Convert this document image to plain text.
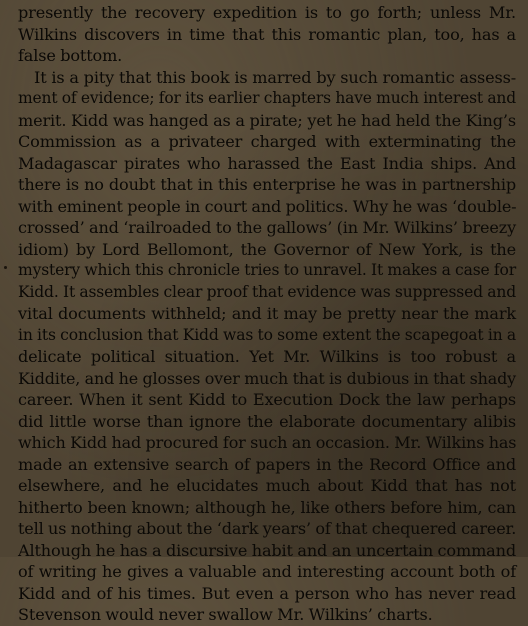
presently the recovery expedition is to go forth; unless Mr.
Wilkins discovers in time that this romantic plan, too, has a
false bottom.
It is a pity that this book is marred by such romantic assess-
ment of evidence; for its earlier chapters have much interest and
merit. Kidd was hanged as a pirate; yet he had held the King’s
Commission as a privateer charged with exterminating the
Madagascar pirates who harassed the East India ships. And
there is no doubt that in this enterprise he was in partnership
with eminent people in court and politics. Why he was ‘double-
crossed’ and ‘railroaded to the gallows’ (in Mr. Wilkins’ breezy
idiom) by Lord Bellomont, the Governor of New York, is the
mystery which this chronicle tries to unravel. It makes a case for
Kidd. It assembles clear proof that evidence was suppressed and
vital documents withheld; and it may be pretty near the mark
in its conclusion that Kidd was to some extent the scapegoat in a
delicate political situation. Yet Mr. Wilkins is too robust a
Kiddite, and he glosses over much that is dubious in that shady
career. When it sent Kidd to Execution Dock the law perhaps
did little worse than ignore the elaborate documentary alibis
which Kidd had procured for such an occasion. Mr. Wilkins has
made an extensive search of papers in the Record Office and
elsewhere, and he elucidates much about Kidd that has not
hitherto been known; although he, like others before him, can
tell us nothing about the ‘dark years’ of that chequered career.
Although he has a discursive habit and an uncertain command
of writing he gives a valuable and interesting account both of
Kidd and of his times. But even a person who has never read
Stevenson would never swallow Mr. Wilkins’ charts.
